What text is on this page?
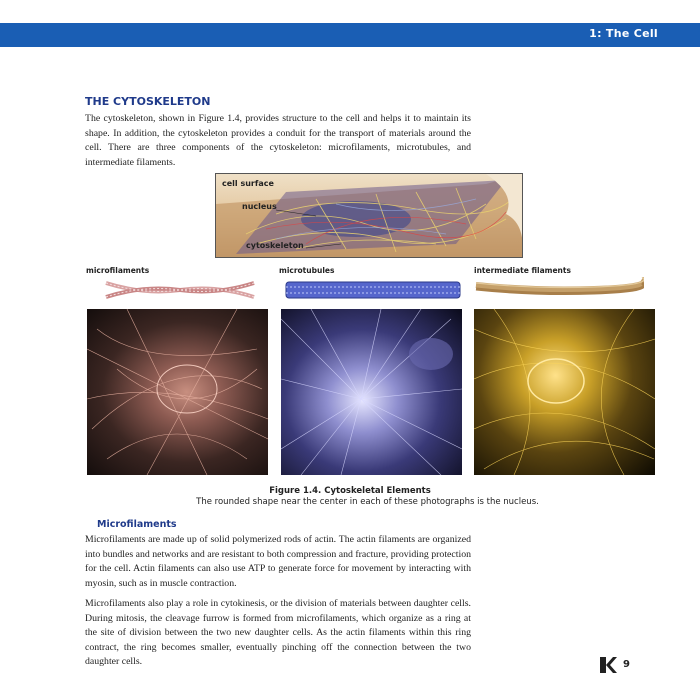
1: The Cell
THE CYTOSKELETON

The cytoskeleton, shown in Figure 1.4, provides structure to the cell and helps it to maintain its shape. In addition, the cytoskeleton provides a conduit for the transport of materials around the cell. There are three components of the cytoskeleton: microfilaments, microtubules, and intermediate filaments.

cell surface
nucleus
cytoskeleton
microfilaments	microtubules	intermediate filaments
Figure 1.4. Cytoskeletal Elements
The rounded shape near the center in each of these photographs is the nucleus.
Microfilaments

Microfilaments are made up of solid polymerized rods of actin. The actin filaments are organized into bundles and networks and are resistant to both compression and fracture, providing protection for the cell. Actin filaments can also use ATP to generate force for movement by interacting with myosin, such as in muscle contraction.

Microfilaments also play a role in cytokinesis, or the division of materials between daughter cells. During mitosis, the cleavage furrow is formed from microfilaments, which organize as a ring at the site of division between the two new daughter cells. As the actin filaments within this ring contract, the ring becomes smaller, eventually pinching off the connection between the two daughter cells.	9
